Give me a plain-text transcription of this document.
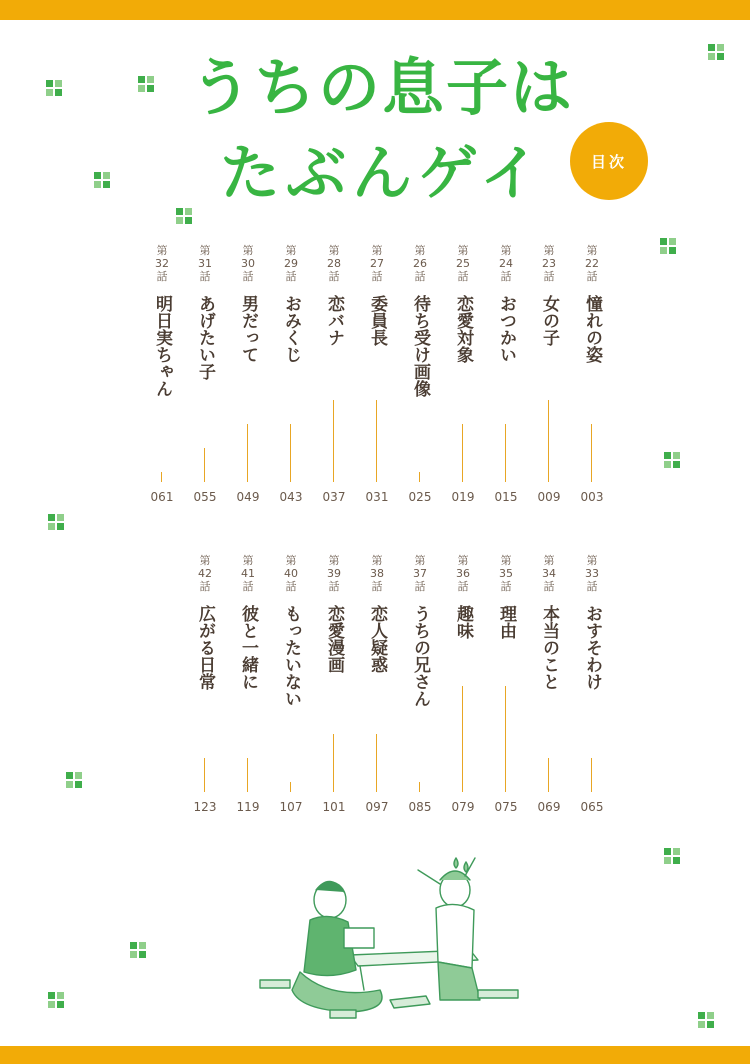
うちの息子は
たぶんゲイ	目次
第22話
憧れの姿
003
第23話
女の子
009
第24話
おつかい
015
第25話
恋愛対象
019
第26話
待ち受け画像
025
第27話
委員長
031
第28話
恋バナ
037
第29話
おみくじ
043
第30話
男だって
049
第31話
あげたい子
055
第32話
明日実ちゃん
061
第33話
おすそわけ
065
第34話
本当のこと
069
第35話
理由
075
第36話
趣味
079
第37話
うちの兄さん
085
第38話
恋人疑惑
097
第39話
恋愛漫画
101
第40話
もったいない
107
第41話
彼と一緒に
119
第42話
広がる日常
123
